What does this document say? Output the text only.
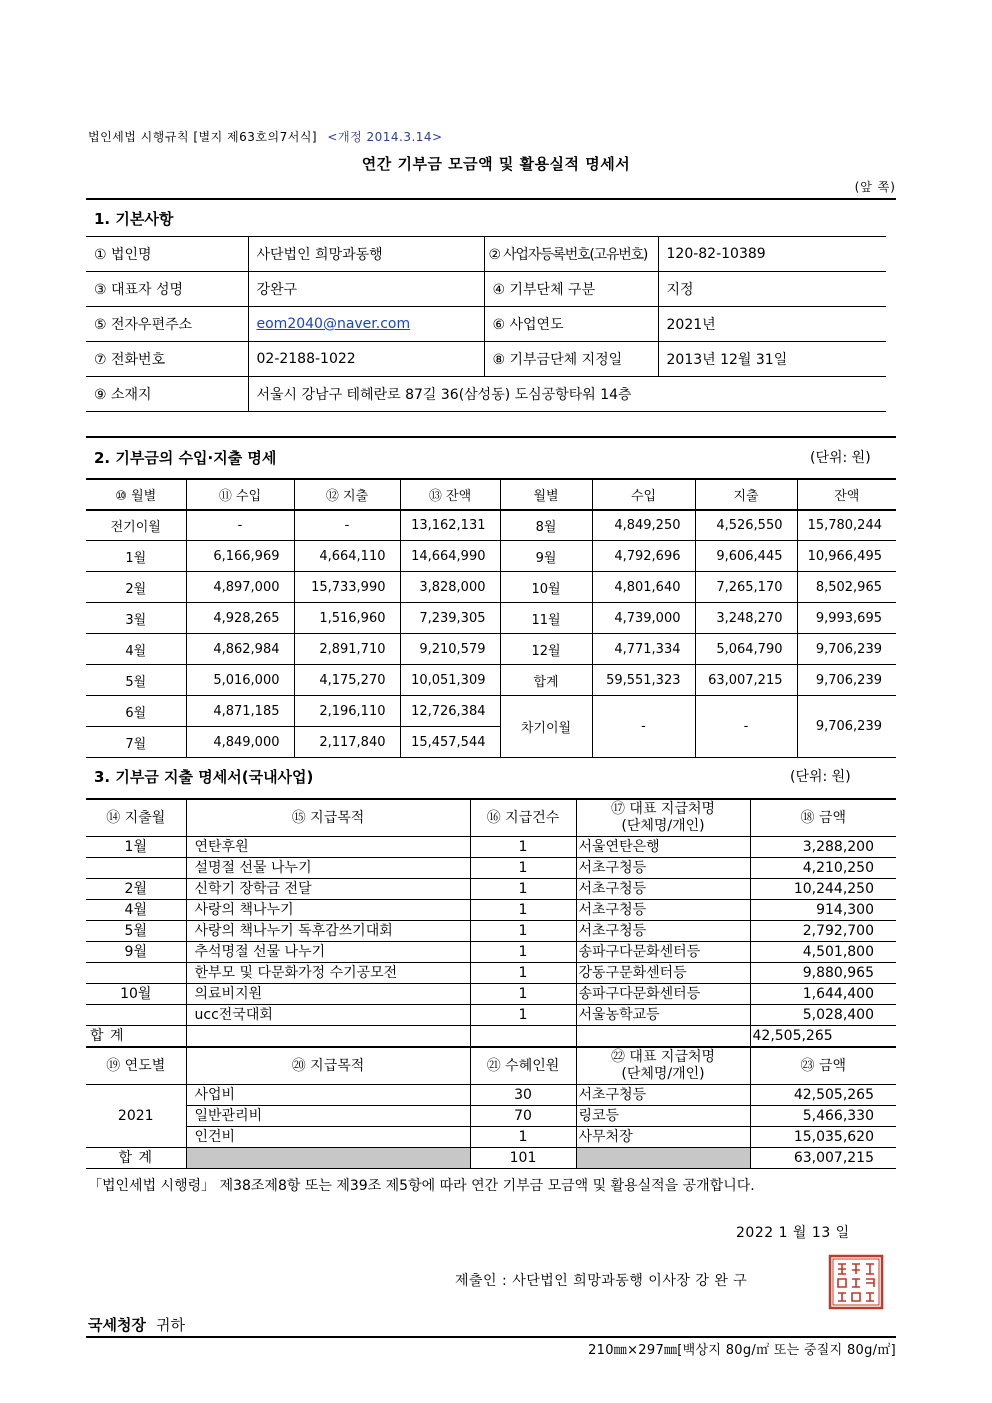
법인세법 시행규칙 [별지 제63호의7서식] <개정 2014.3.14>
연간 기부금 모금액 및 활용실적 명세서
(앞 쪽)
1. 기본사항
① 법인명	사단법인 희망과동행	② 사업자등록번호(고유번호)	120-82-10389
③ 대표자 성명	강완구	④ 기부단체 구분	지정
⑤ 전자우편주소	eom2040@naver.com	⑥ 사업연도	2021년
⑦ 전화번호	02-2188-1022	⑧ 기부금단체 지정일	2013년 12월 31일
⑨ 소재지	서울시 강남구 테헤란로 87길 36(삼성동) 도심공항타워 14층		
2. 기부금의 수입·지출 명세	(단위: 원)
⑩ 월별	⑪ 수입	⑫ 지출	⑬ 잔액	월별	수입	지출	잔액
전기이월	-	-	13,162,131	8월	4,849,250	4,526,550	15,780,244
1월	6,166,969	4,664,110	14,664,990	9월	4,792,696	9,606,445	10,966,495
2월	4,897,000	15,733,990	3,828,000	10월	4,801,640	7,265,170	8,502,965
3월	4,928,265	1,516,960	7,239,305	11월	4,739,000	3,248,270	9,993,695
4월	4,862,984	2,891,710	9,210,579	12월	4,771,334	5,064,790	9,706,239
5월	5,016,000	4,175,270	10,051,309	합계	59,551,323	63,007,215	9,706,239
6월	4,871,185	2,196,110	12,726,384	차기이월	-	-	9,706,239
7월	4,849,000	2,117,840	15,457,544				
3. 기부금 지출 명세서(국내사업)	(단위: 원)
⑭ 지출월	⑮ 지급목적	⑯ 지급건수	⑰ 대표 지급처명
(단체명/개인)	⑱ 금액
1월	연탄후원	1	서울연탄은행	3,288,200
	설명절 선물 나누기	1	서초구청등	4,210,250
2월	신학기 장학금 전달	1	서초구청등	10,244,250
4월	사랑의 책나누기	1	서초구청등	914,300
5월	사랑의 책나누기 독후감쓰기대회	1	서초구청등	2,792,700
9월	추석명절 선물 나누기	1	송파구다문화센터등	4,501,800
	한부모 및 다문화가정 수기공모전	1	강동구문화센터등	9,880,965
10월	의료비지원	1	송파구다문화센터등	1,644,400
	ucc전국대회	1	서울농학교등	5,028,400
합 계				42,505,265
⑲ 연도별	⑳ 지급목적	㉑ 수혜인원	㉒ 대표 지급처명
(단체명/개인)	㉓ 금액
2021	사업비	30	서초구청등	42,505,265
	일반관리비	70	링코등	5,466,330
	인건비	1	사무처장	15,035,620
합 계		101		63,007,215
「법인세법 시행령」 제38조제8항 또는 제39조 제5항에 따라 연간 기부금 모금액 및 활용실적을 공개합니다.
2022 1 월 13 일
제출인 : 사단법인 희망과동행 이사장 강 완 구
국세청장 귀하
210㎜×297㎜[백상지 80g/㎡ 또는 중질지 80g/㎡]
